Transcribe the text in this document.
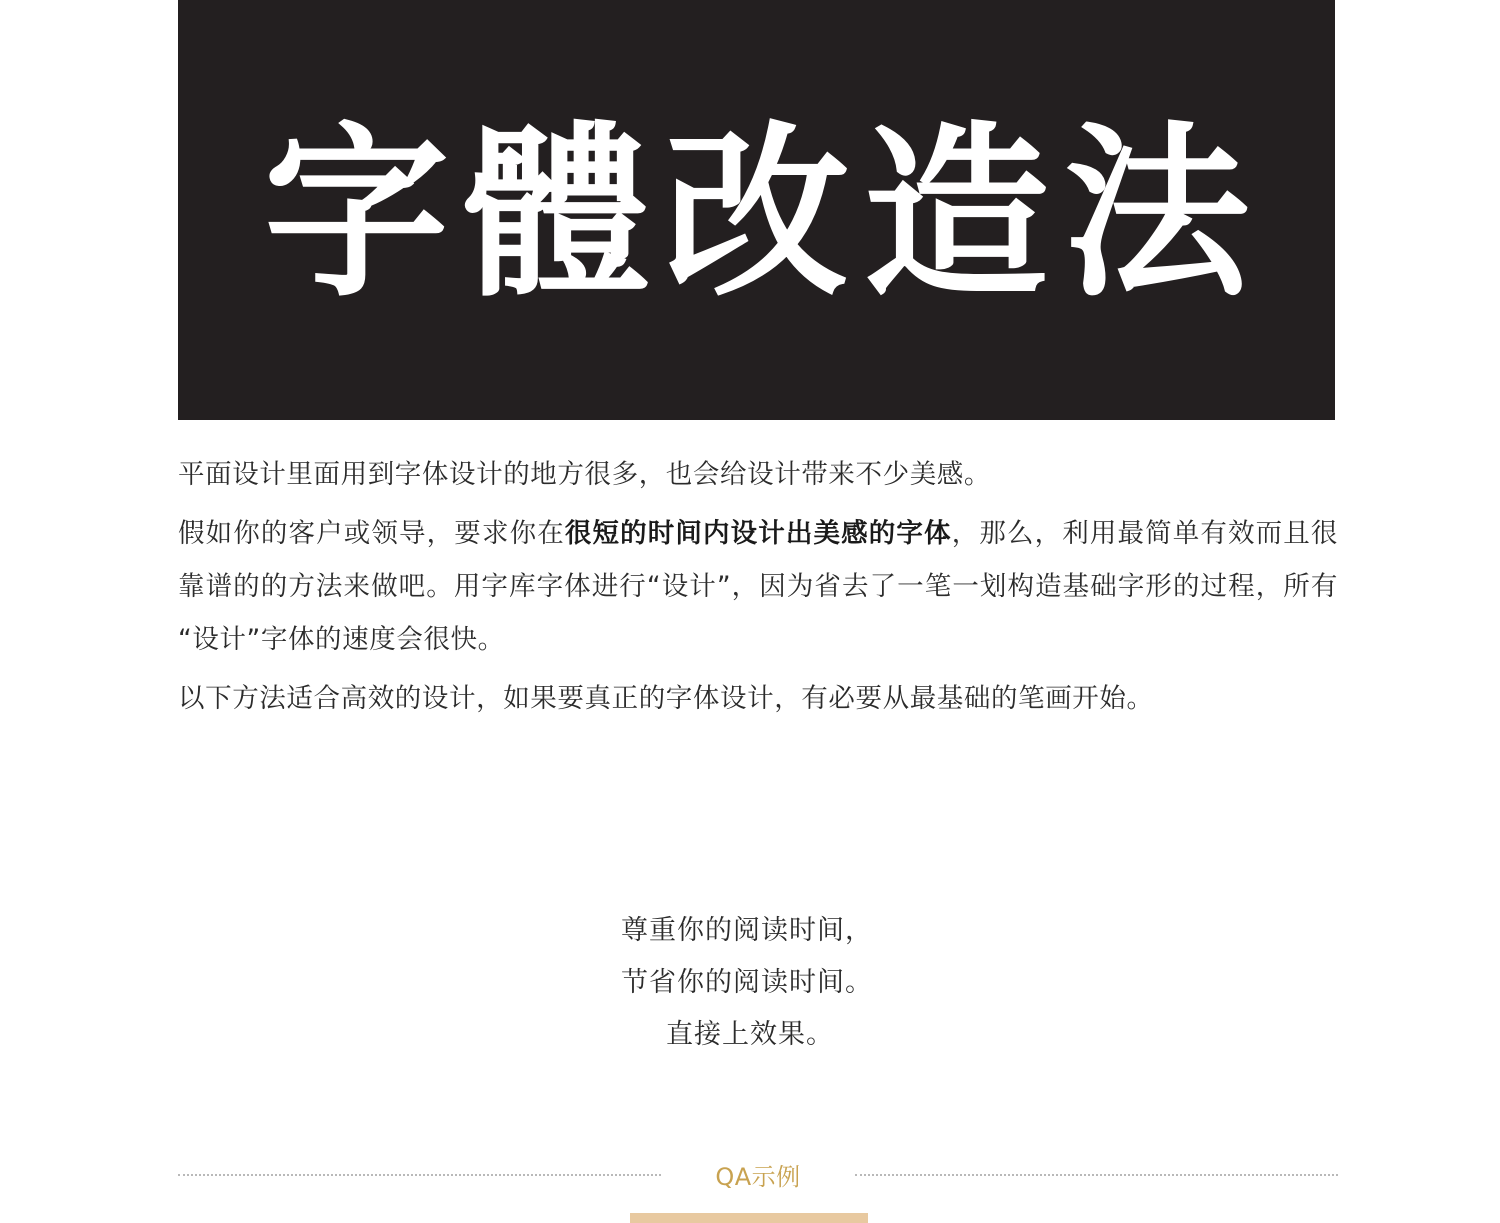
字體改造法

平面设计里面用到字体设计的地方很多，也会给设计带来不少美感。

假如你的客户或领导，要求你在很短的时间内设计出美感的字体，那么，利用最简单有效而且很靠谱的的方法来做吧。用字库字体进行“设计”，因为省去了一笔一划构造基础字形的过程，所有“设计”字体的速度会很快。

以下方法适合高效的设计，如果要真正的字体设计，有必要从最基础的笔画开始。

尊重你的阅读时间，
节省你的阅读时间。
直接上效果。
QA示例
